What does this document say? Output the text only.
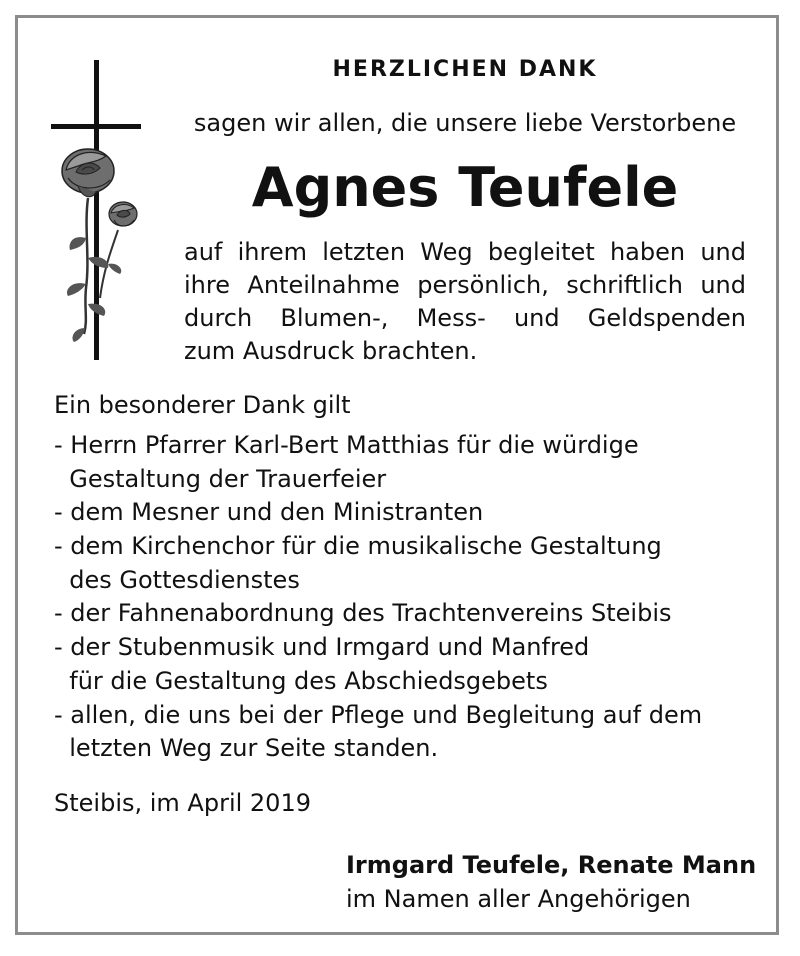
HERZLICHEN DANK
sagen wir allen, die unsere liebe Verstorbene
Agnes Teufele
auf ihrem letzten Weg begleitet haben und
ihre Anteilnahme persönlich, schriftlich und
durch Blumen-, Mess- und Geldspenden
zum Ausdruck brachten.
Ein besonderer Dank gilt
- Herrn Pfarrer Karl-Bert Matthias für die würdige
Gestaltung der Trauerfeier
- dem Mesner und den Ministranten
- dem Kirchenchor für die musikalische Gestaltung
des Gottesdienstes
- der Fahnenabordnung des Trachtenvereins Steibis
- der Stubenmusik und Irmgard und Manfred
für die Gestaltung des Abschiedsgebets
- allen, die uns bei der Pflege und Begleitung auf dem
letzten Weg zur Seite standen.
Steibis, im April 2019
Irmgard Teufele, Renate Mann
im Namen aller Angehörigen
